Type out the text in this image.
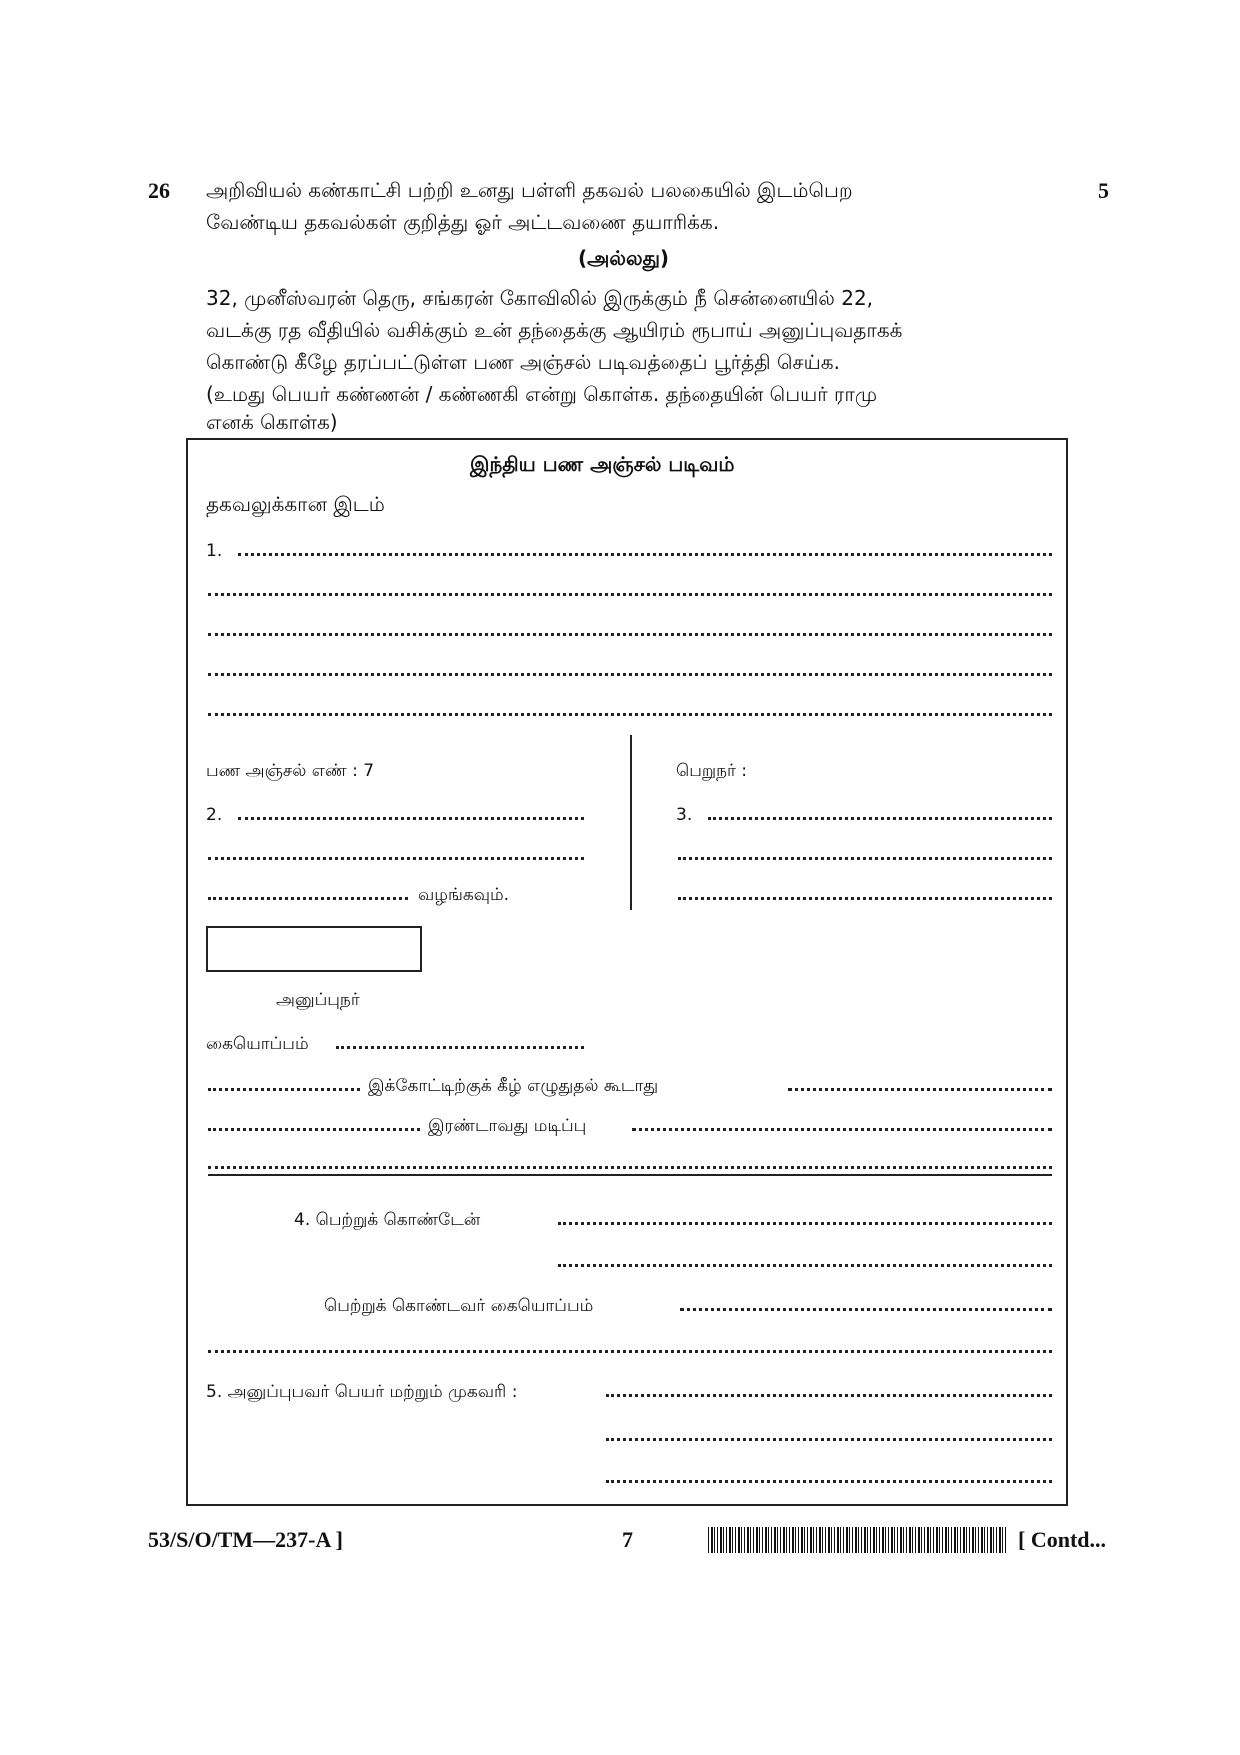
26	5
அறிவியல் கண்காட்சி பற்றி உனது பள்ளி தகவல் பலகையில் இடம்பெற
வேண்டிய தகவல்கள் குறித்து ஓர் அட்டவணை தயாரிக்க.
(அல்லது)
32, முனீஸ்வரன் தெரு, சங்கரன் கோவிலில் இருக்கும் நீ சென்னையில் 22,
வடக்கு ரத வீதியில் வசிக்கும் உன் தந்தைக்கு ஆயிரம் ரூபாய் அனுப்புவதாகக்
கொண்டு கீழே தரப்பட்டுள்ள பண அஞ்சல் படிவத்தைப் பூர்த்தி செய்க.
(உமது பெயர் கண்ணன் / கண்ணகி என்று கொள்க. தந்தையின் பெயர் ராமு
எனக் கொள்க)
இந்திய பண அஞ்சல் படிவம்
தகவலுக்கான இடம்
1.
பண அஞ்சல் எண் : 7
2.
வழங்கவும்.
பெறுநர் :
3.
அனுப்புநர்
கையொப்பம்
இக்கோட்டிற்குக் கீழ் எழுதுதல் கூடாது
இரண்டாவது மடிப்பு
4. பெற்றுக் கொண்டேன்
பெற்றுக் கொண்டவர் கையொப்பம்
5. அனுப்புபவர் பெயர் மற்றும் முகவரி :
53/S/O/TM—237-A ]	7	[ Contd...
